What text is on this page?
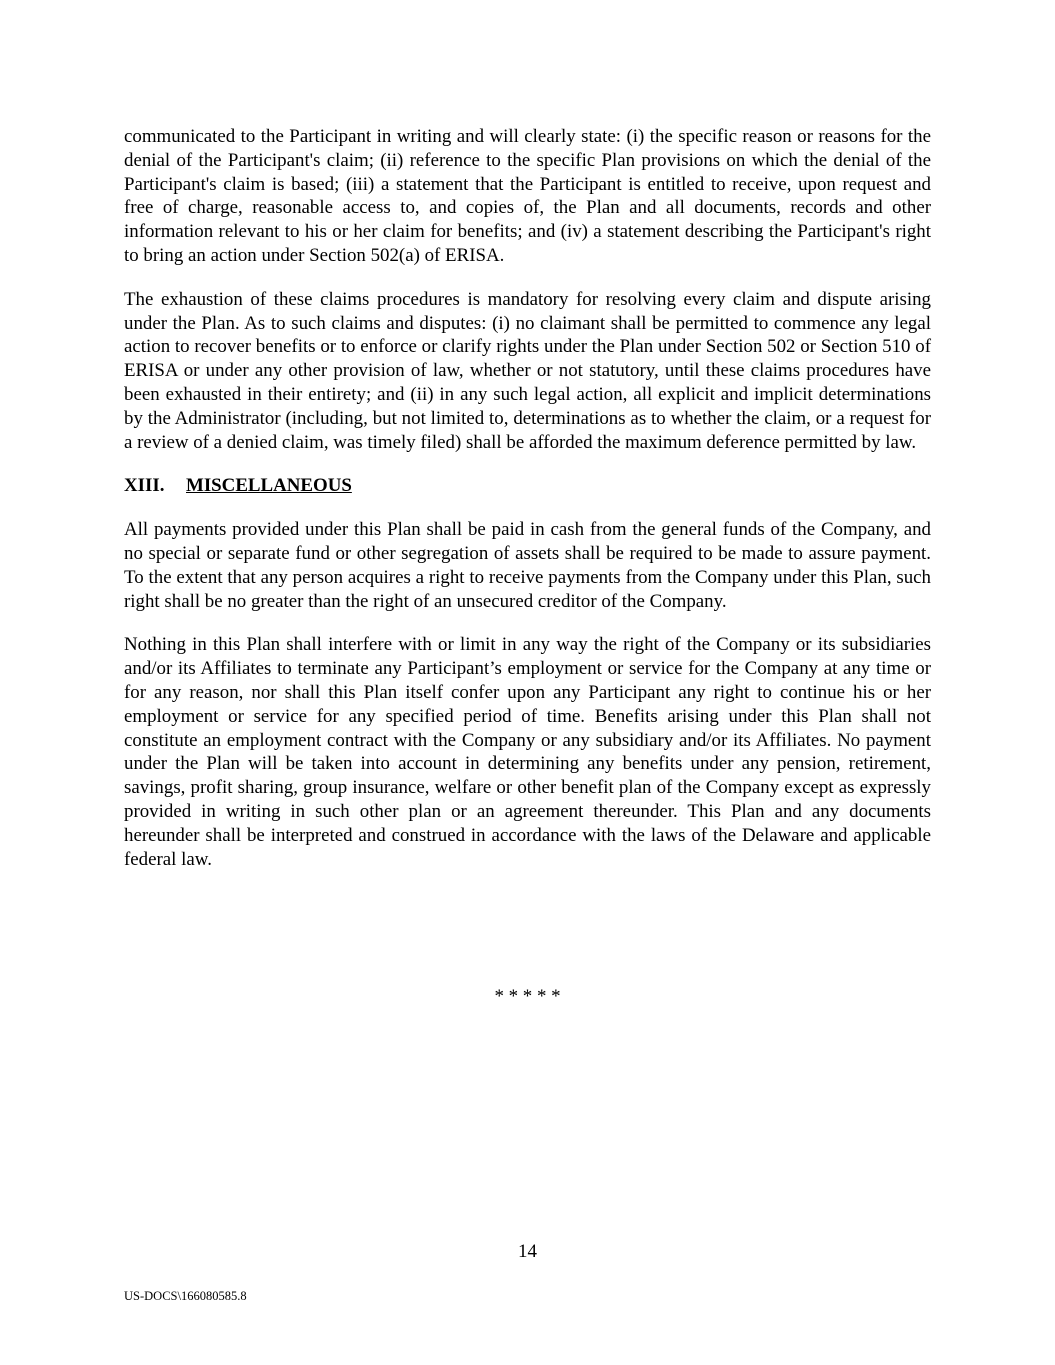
communicated to the Participant in writing and will clearly state: (i) the specific reason or reasons for the denial of the Participant's claim; (ii) reference to the specific Plan provisions on which the denial of the Participant's claim is based; (iii) a statement that the Participant is entitled to receive, upon request and free of charge, reasonable access to, and copies of, the Plan and all documents, records and other information relevant to his or her claim for benefits; and (iv) a statement describing the Participant's right to bring an action under Section 502(a) of ERISA.

The exhaustion of these claims procedures is mandatory for resolving every claim and dispute arising under the Plan. As to such claims and disputes: (i) no claimant shall be permitted to commence any legal action to recover benefits or to enforce or clarify rights under the Plan under Section 502 or Section 510 of ERISA or under any other provision of law, whether or not statutory, until these claims procedures have been exhausted in their entirety; and (ii) in any such legal action, all explicit and implicit determinations by the Administrator (including, but not limited to, determinations as to whether the claim, or a request for a review of a denied claim, was timely filed) shall be afforded the maximum deference permitted by law.

XIII. MISCELLANEOUS

All payments provided under this Plan shall be paid in cash from the general funds of the Company, and no special or separate fund or other segregation of assets shall be required to be made to assure payment. To the extent that any person acquires a right to receive payments from the Company under this Plan, such right shall be no greater than the right of an unsecured creditor of the Company.

Nothing in this Plan shall interfere with or limit in any way the right of the Company or its subsidiaries and/or its Affiliates to terminate any Participant’s employment or service for the Company at any time or for any reason, nor shall this Plan itself confer upon any Participant any right to continue his or her employment or service for any specified period of time. Benefits arising under this Plan shall not constitute an employment contract with the Company or any subsidiary and/or its Affiliates. No payment under the Plan will be taken into account in determining any benefits under any pension, retirement, savings, profit sharing, group insurance, welfare or other benefit plan of the Company except as expressly provided in writing in such other plan or an agreement thereunder. This Plan and any documents hereunder shall be interpreted and construed in accordance with the laws of the Delaware and applicable federal law.

* * * * *
14
US-DOCS\166080585.8
